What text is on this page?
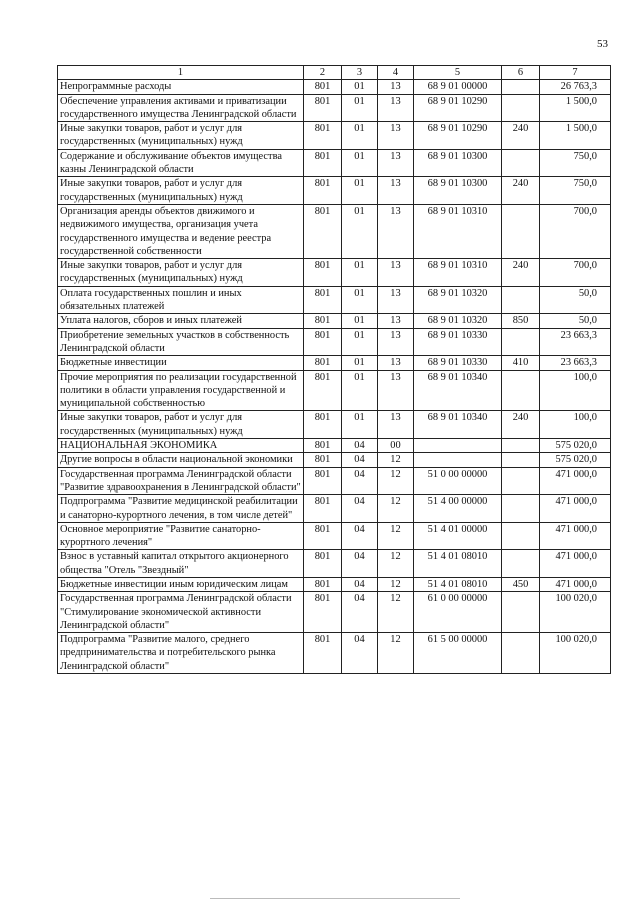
53
1	2	3	4	5	6	7
Непрограммные расходы	801	01	13	68 9 01 00000		26 763,3
Обеспечение управления активами и приватизации государственного имущества Ленинградской области	801	01	13	68 9 01 10290		1 500,0
Иные закупки товаров, работ и услуг для государственных (муниципальных) нужд	801	01	13	68 9 01 10290	240	1 500,0
Содержание и обслуживание объектов имущества казны Ленинградской области	801	01	13	68 9 01 10300		750,0
Иные закупки товаров, работ и услуг для государственных (муниципальных) нужд	801	01	13	68 9 01 10300	240	750,0
Организация аренды объектов движимого и недвижимого имущества, организация учета государственного имущества и ведение реестра государственной собственности	801	01	13	68 9 01 10310		700,0
Иные закупки товаров, работ и услуг для государственных (муниципальных) нужд	801	01	13	68 9 01 10310	240	700,0
Оплата государственных пошлин и иных обязательных платежей	801	01	13	68 9 01 10320		50,0
Уплата налогов, сборов и иных платежей	801	01	13	68 9 01 10320	850	50,0
Приобретение земельных участков в собственность Ленинградской области	801	01	13	68 9 01 10330		23 663,3
Бюджетные инвестиции	801	01	13	68 9 01 10330	410	23 663,3
Прочие мероприятия по реализации государственной политики в области управления государственной и муниципальной собственностью	801	01	13	68 9 01 10340		100,0
Иные закупки товаров, работ и услуг для государственных (муниципальных) нужд	801	01	13	68 9 01 10340	240	100,0
НАЦИОНАЛЬНАЯ ЭКОНОМИКА	801	04	00			575 020,0
Другие вопросы в области национальной экономики	801	04	12			575 020,0
Государственная программа Ленинградской области "Развитие здравоохранения в Ленинградской области"	801	04	12	51 0 00 00000		471 000,0
Подпрограмма "Развитие медицинской реабилитации и санаторно-курортного лечения, в том числе детей"	801	04	12	51 4 00 00000		471 000,0
Основное мероприятие "Развитие санаторно-курортного лечения"	801	04	12	51 4 01 00000		471 000,0
Взнос в уставный капитал открытого акционерного общества "Отель "Звездный"	801	04	12	51 4 01 08010		471 000,0
Бюджетные инвестиции иным юридическим лицам	801	04	12	51 4 01 08010	450	471 000,0
Государственная программа Ленинградской области "Стимулирование экономической активности Ленинградской области"	801	04	12	61 0 00 00000		100 020,0
Подпрограмма "Развитие малого, среднего предпринимательства и потребительского рынка Ленинградской области"	801	04	12	61 5 00 00000		100 020,0
